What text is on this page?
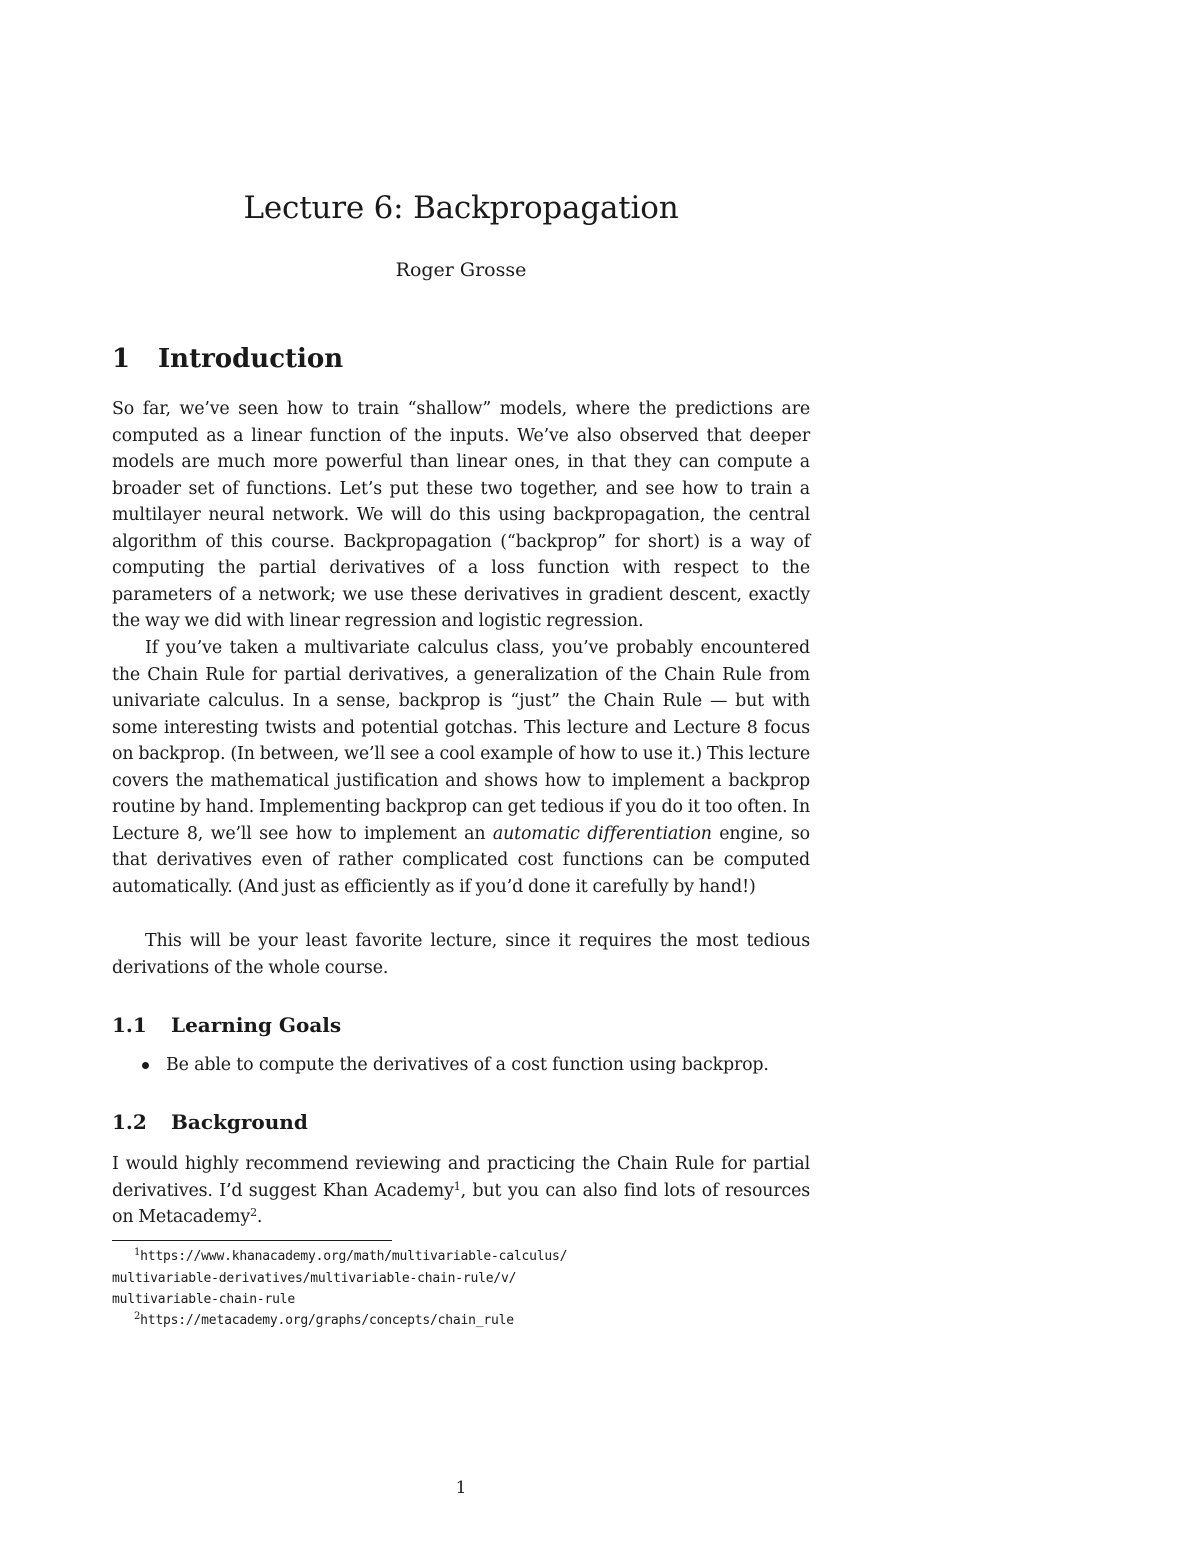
Lecture 6: Backpropagation
Roger Grosse
1 Introduction

So far, we’ve seen how to train “shallow” models, where the predictions are computed as a linear function of the inputs. We’ve also observed that deeper models are much more powerful than linear ones, in that they can compute a broader set of functions. Let’s put these two together, and see how to train a multilayer neural network. We will do this using backpropagation, the central algorithm of this course. Backpropagation (“backprop” for short) is a way of computing the partial derivatives of a loss function with respect to the parameters of a network; we use these derivatives in gradient descent, exactly the way we did with linear regression and logistic regression.

If you’ve taken a multivariate calculus class, you’ve probably encountered the Chain Rule for partial derivatives, a generalization of the Chain Rule from univariate calculus. In a sense, backprop is “just” the Chain Rule — but with some interesting twists and potential gotchas. This lecture and Lecture 8 focus on backprop. (In between, we’ll see a cool example of how to use it.) This lecture covers the mathematical justification and shows how to implement a backprop routine by hand. Implementing backprop can get tedious if you do it too often. In Lecture 8, we’ll see how to implement an automatic differentiation engine, so that derivatives even of rather complicated cost functions can be computed automatically. (And just as efficiently as if you’d done it carefully by hand!)

This will be your least favorite lecture, since it requires the most tedious derivations of the whole course.

1.1 Learning Goals
Be able to compute the derivatives of a cost function using backprop.
1.2 Background

I would highly recommend reviewing and practicing the Chain Rule for partial derivatives. I’d suggest Khan Academy$^1$, but you can also find lots of resources on Metacademy$^2$.

$^1$https://www.khanacademy.org/math/multivariable-calculus/
multivariable-derivatives/multivariable-chain-rule/v/
multivariable-chain-rule
$^2$https://metacademy.org/graphs/concepts/chain_rule
1
